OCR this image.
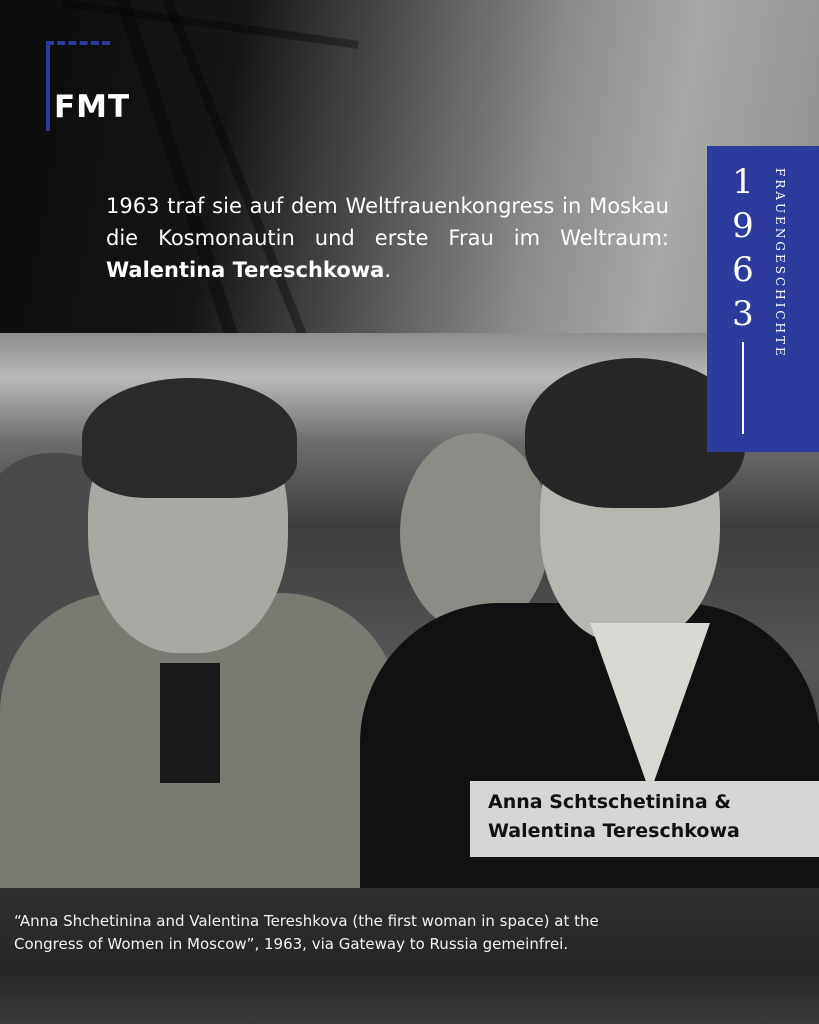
FMT
1963 traf sie auf dem Weltfrauenkongress in Moskau die Kosmonautin und erste Frau im Weltraum: Walentina Tereschkowa.
1
9
6
3	FRAUENGESCHICHTE
Anna Schtschetinina &
Walentina Tereschkowa
“Anna Shchetinina and Valentina Tereshkova (the first woman in space) at the
Congress of Women in Moscow”, 1963, via Gateway to Russia gemeinfrei.
